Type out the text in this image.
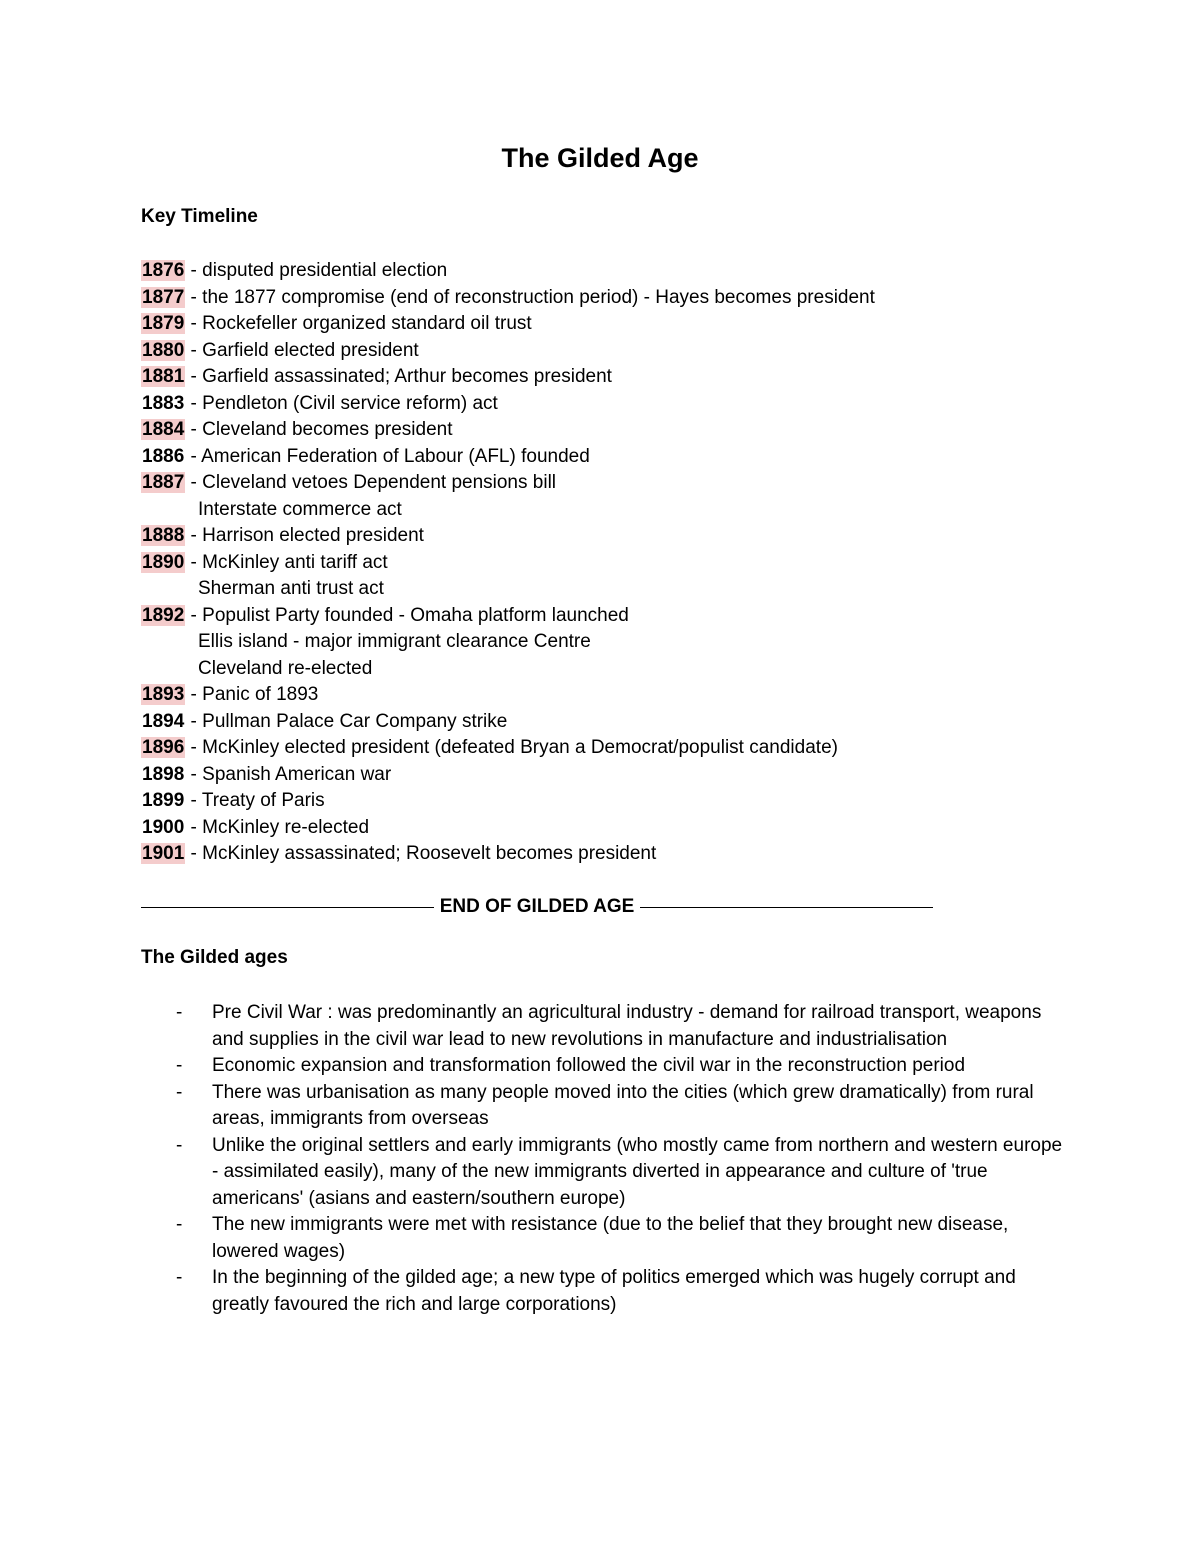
The Gilded Age
Key Timeline
1876 - disputed presidential election
1877 - the 1877 compromise (end of reconstruction period) - Hayes becomes president
1879 - Rockefeller organized standard oil trust
1880 - Garfield elected president
1881 - Garfield assassinated; Arthur becomes president
1883 - Pendleton (Civil service reform) act
1884 - Cleveland becomes president
1886 - American Federation of Labour (AFL) founded
1887 - Cleveland vetoes Dependent pensions bill
Interstate commerce act
1888 - Harrison elected president
1890 - McKinley anti tariff act
Sherman anti trust act
1892 - Populist Party founded - Omaha platform launched
Ellis island - major immigrant clearance Centre
Cleveland re-elected
1893 - Panic of 1893
1894 - Pullman Palace Car Company strike
1896 - McKinley elected president (defeated Bryan a Democrat/populist candidate)
1898 - Spanish American war
1899 - Treaty of Paris
1900 - McKinley re-elected
1901 - McKinley assassinated; Roosevelt becomes president
END OF GILDED AGE
The Gilded ages
- Pre Civil War : was predominantly an agricultural industry - demand for railroad transport, weapons and supplies in the civil war lead to new revolutions in manufacture and industrialisation
- Economic expansion and transformation followed the civil war in the reconstruction period
- There was urbanisation as many people moved into the cities (which grew dramatically) from rural areas, immigrants from overseas
- Unlike the original settlers and early immigrants (who mostly came from northern and western europe - assimilated easily), many of the new immigrants diverted in appearance and culture of 'true americans' (asians and eastern/southern europe)
- The new immigrants were met with resistance (due to the belief that they brought new disease, lowered wages)
- In the beginning of the gilded age; a new type of politics emerged which was hugely corrupt and greatly favoured the rich and large corporations)
